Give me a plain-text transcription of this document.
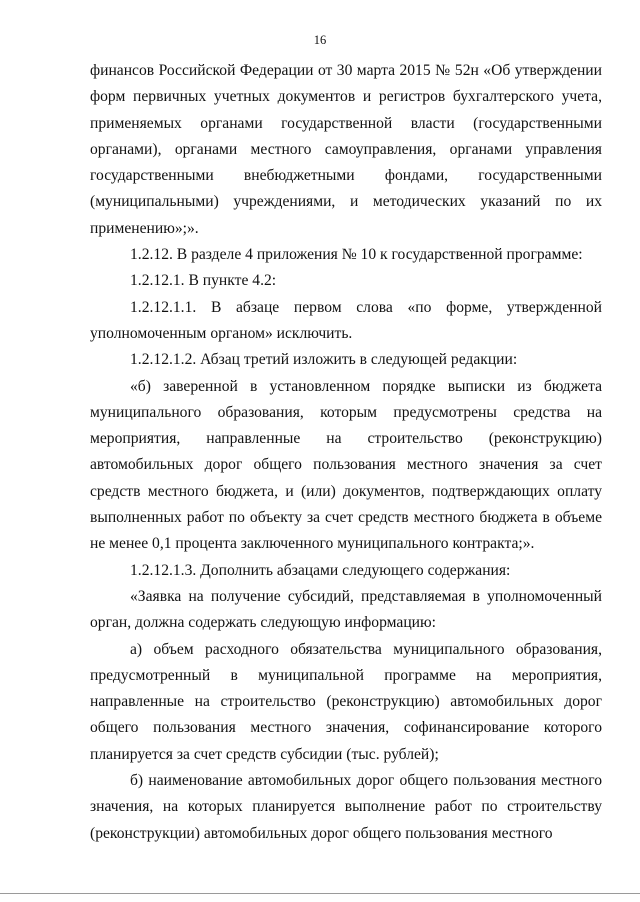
16

финансов Российской Федерации от 30 марта 2015 № 52н «Об утверждении форм первичных учетных документов и регистров бухгалтерского учета, применяемых органами государственной власти (государственными органами), органами местного самоуправления, органами управления государственными внебюджетными фондами, государственными (муниципальными) учреждениями, и методических указаний по их применению»;».

1.2.12. В разделе 4 приложения № 10 к государственной программе:

1.2.12.1. В пункте 4.2:

1.2.12.1.1. В абзаце первом слова «по форме, утвержденной уполномоченным органом» исключить.

1.2.12.1.2. Абзац третий изложить в следующей редакции:

«б) заверенной в установленном порядке выписки из бюджета муниципального образования, которым предусмотрены средства на мероприятия, направленные на строительство (реконструкцию) автомобильных дорог общего пользования местного значения за счет средств местного бюджета, и (или) документов, подтверждающих оплату выполненных работ по объекту за счет средств местного бюджета в объеме не менее 0,1 процента заключенного муниципального контракта;».

1.2.12.1.3. Дополнить абзацами следующего содержания:

«Заявка на получение субсидий, представляемая в уполномоченный орган, должна содержать следующую информацию:

а) объем расходного обязательства муниципального образования, предусмотренный в муниципальной программе на мероприятия, направленные на строительство (реконструкцию) автомобильных дорог общего пользования местного значения, софинансирование которого планируется за счет средств субсидии (тыс. рублей);

б) наименование автомобильных дорог общего пользования местного значения, на которых планируется выполнение работ по строительству (реконструкции) автомобильных дорог общего пользования местного
